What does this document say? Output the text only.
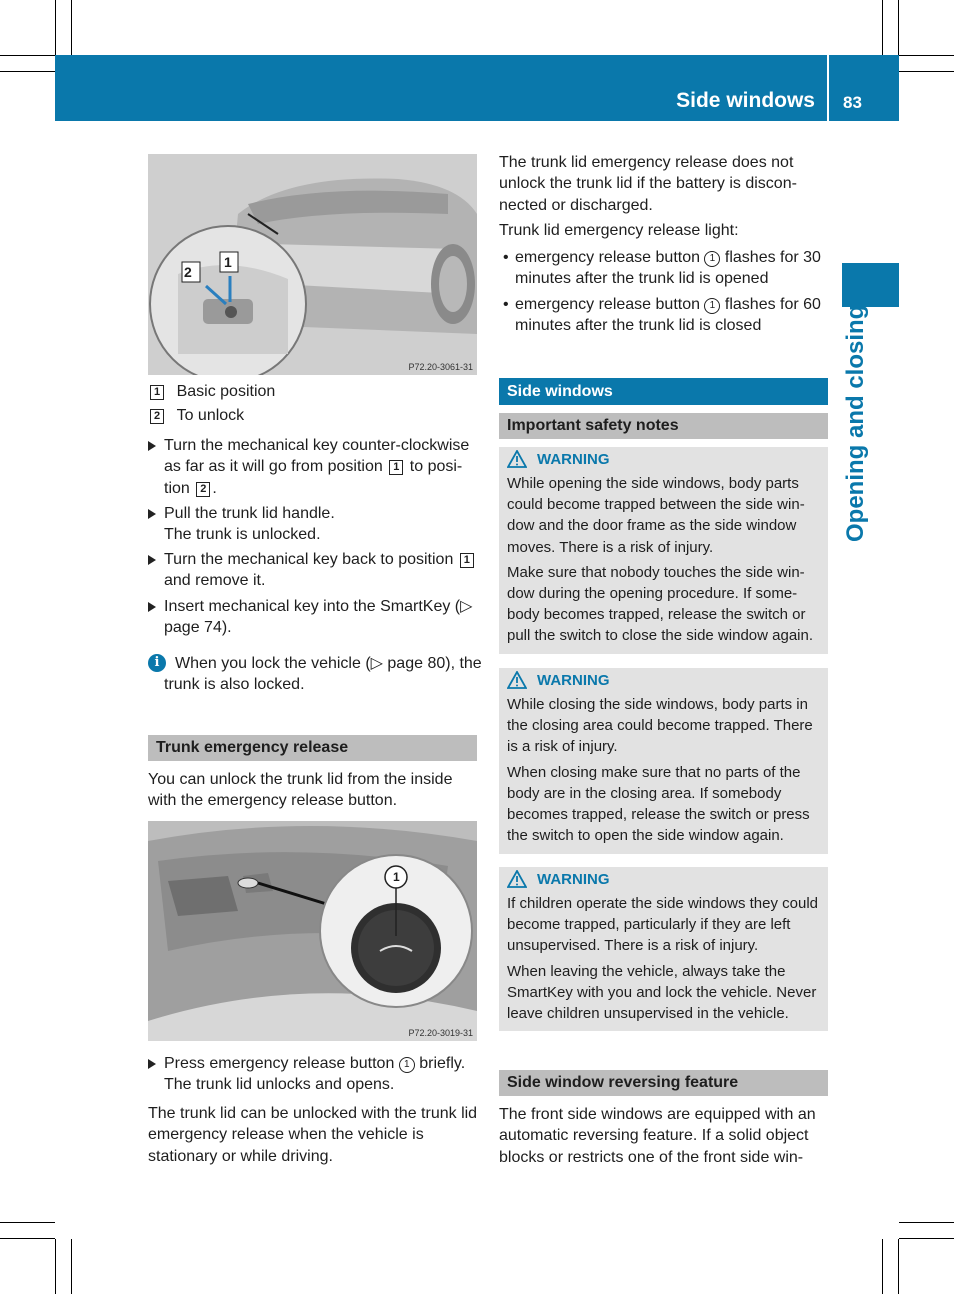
Side windows 83
Opening and closing
2
1
P72.20-3061-31
1 Basic position
2 To unlock
Turn the mechanical key counter-clockwise as far as it will go from position 1 to posi-tion 2 .
Pull the trunk lid handle.
The trunk is unlocked.
Turn the mechanical key back to position 1 and remove it.
Insert mechanical key into the SmartKey (▷ page 74).
i When you lock the vehicle (▷ page 80), the trunk is also locked.
Trunk emergency release

You can unlock the trunk lid from the inside with the emergency release button.

1
P72.20-3019-31
Press emergency release button 1 briefly.
The trunk lid unlocks and opens.

The trunk lid can be unlocked with the trunk lid emergency release when the vehicle is stationary or while driving.

The trunk lid emergency release does not unlock the trunk lid if the battery is discon-nected or discharged.

Trunk lid emergency release light:

• emergency release button 1 flashes for 30 minutes after the trunk lid is opened
• emergency release button 1 flashes for 60 minutes after the trunk lid is closed
Side windows
Important safety notes
WARNING

While opening the side windows, body parts could become trapped between the side win-dow and the door frame as the side window moves. There is a risk of injury.

Make sure that nobody touches the side win-dow during the opening procedure. If some-body becomes trapped, release the switch or pull the switch to close the side window again.

WARNING

While closing the side windows, body parts in the closing area could become trapped. There is a risk of injury.

When closing make sure that no parts of the body are in the closing area. If somebody becomes trapped, release the switch or press the switch to open the side window again.

WARNING

If children operate the side windows they could become trapped, particularly if they are left unsupervised. There is a risk of injury.

When leaving the vehicle, always take the SmartKey with you and lock the vehicle. Never leave children unsupervised in the vehicle.

Side window reversing feature

The front side windows are equipped with an automatic reversing feature. If a solid object blocks or restricts one of the front side win-
